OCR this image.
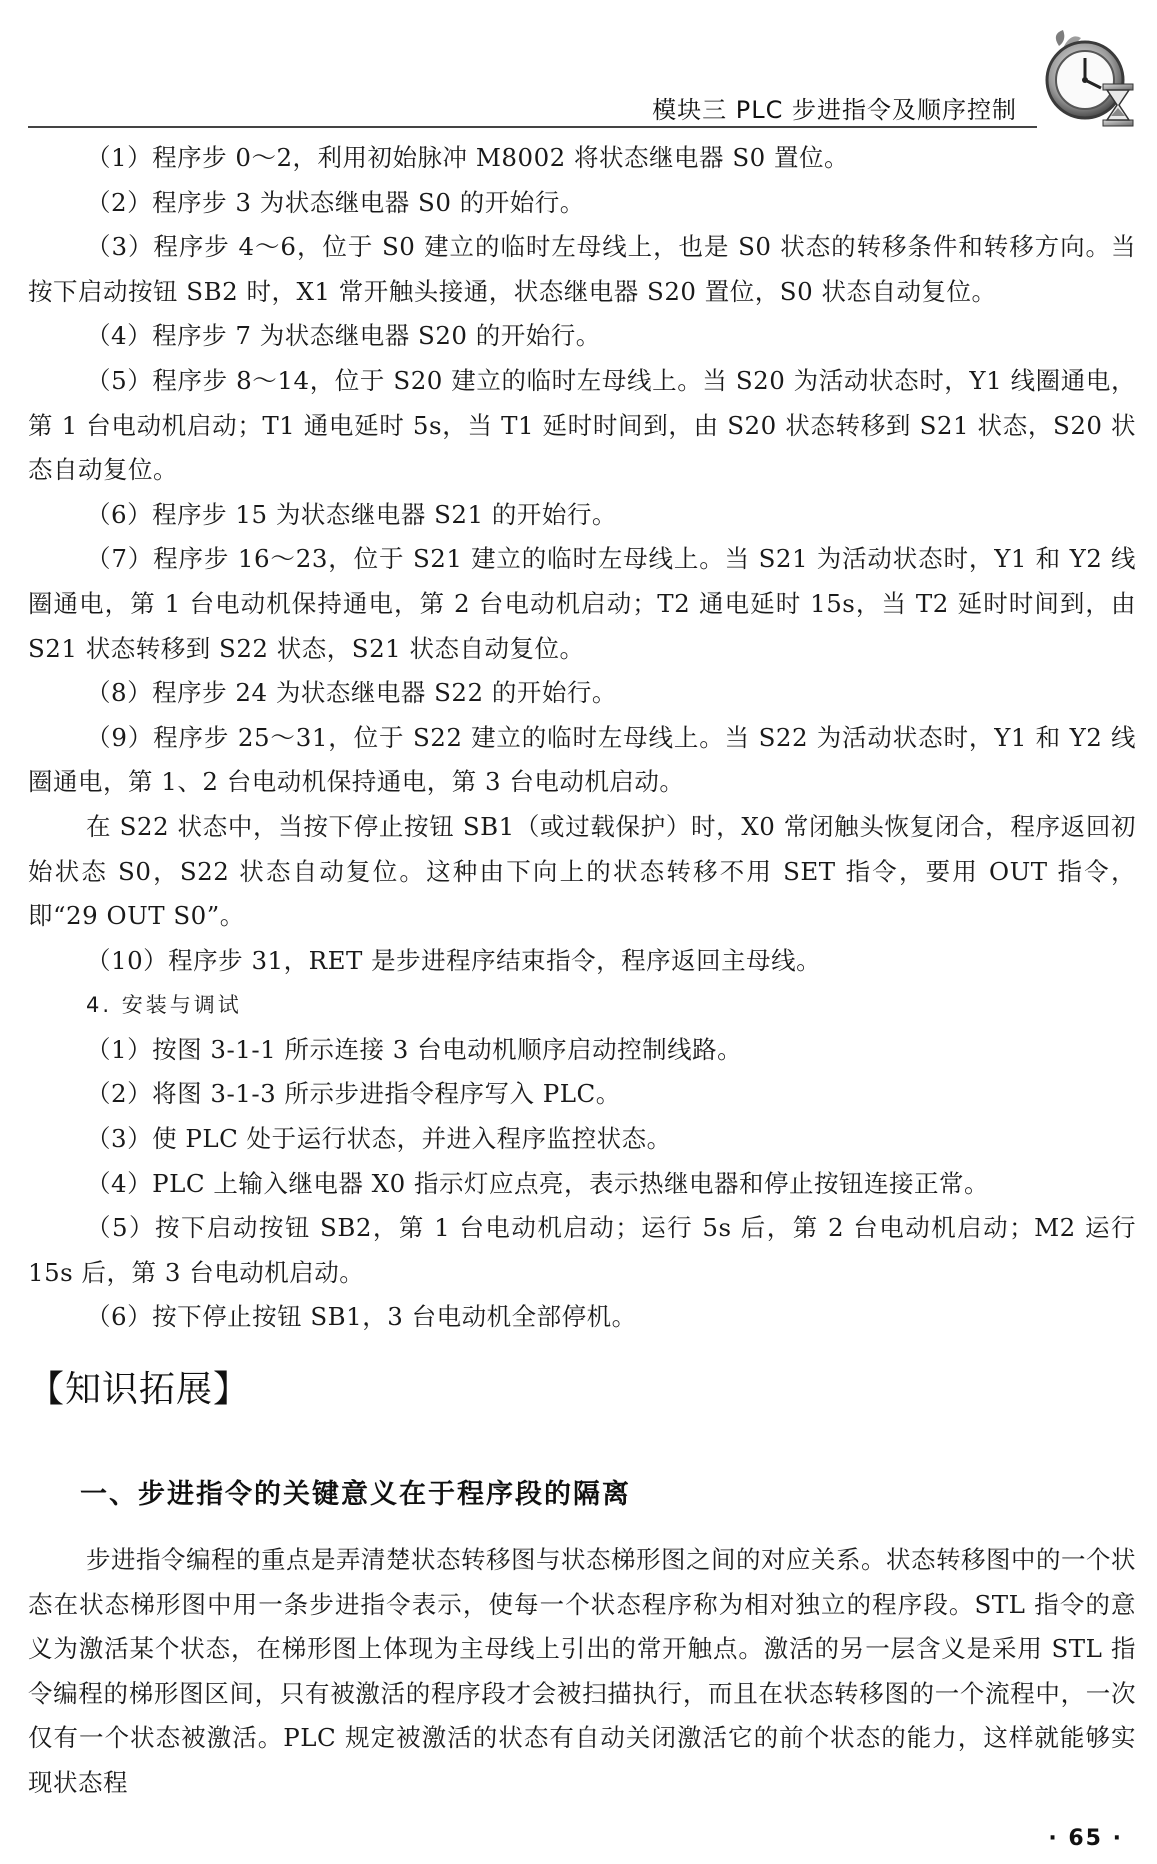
模块三 PLC 步进指令及顺序控制

（1）程序步 0～2，利用初始脉冲 M8002 将状态继电器 S0 置位。

（2）程序步 3 为状态继电器 S0 的开始行。

（3）程序步 4～6，位于 S0 建立的临时左母线上，也是 S0 状态的转移条件和转移方向。当按下启动按钮 SB2 时，X1 常开触头接通，状态继电器 S20 置位，S0 状态自动复位。

（4）程序步 7 为状态继电器 S20 的开始行。

（5）程序步 8～14，位于 S20 建立的临时左母线上。当 S20 为活动状态时，Y1 线圈通电，第 1 台电动机启动；T1 通电延时 5s，当 T1 延时时间到，由 S20 状态转移到 S21 状态，S20 状态自动复位。

（6）程序步 15 为状态继电器 S21 的开始行。

（7）程序步 16～23，位于 S21 建立的临时左母线上。当 S21 为活动状态时，Y1 和 Y2 线圈通电，第 1 台电动机保持通电，第 2 台电动机启动；T2 通电延时 15s，当 T2 延时时间到，由 S21 状态转移到 S22 状态，S21 状态自动复位。

（8）程序步 24 为状态继电器 S22 的开始行。

（9）程序步 25～31，位于 S22 建立的临时左母线上。当 S22 为活动状态时，Y1 和 Y2 线圈通电，第 1、2 台电动机保持通电，第 3 台电动机启动。

在 S22 状态中，当按下停止按钮 SB1（或过载保护）时，X0 常闭触头恢复闭合，程序返回初始状态 S0，S22 状态自动复位。这种由下向上的状态转移不用 SET 指令，要用 OUT 指令，即“29 OUT S0”。

（10）程序步 31，RET 是步进程序结束指令，程序返回主母线。

4. 安装与调试

（1）按图 3-1-1 所示连接 3 台电动机顺序启动控制线路。

（2）将图 3-1-3 所示步进指令程序写入 PLC。

（3）使 PLC 处于运行状态，并进入程序监控状态。

（4）PLC 上输入继电器 X0 指示灯应点亮，表示热继电器和停止按钮连接正常。

（5）按下启动按钮 SB2，第 1 台电动机启动；运行 5s 后，第 2 台电动机启动；M2 运行 15s 后，第 3 台电动机启动。

（6）按下停止按钮 SB1，3 台电动机全部停机。

【知识拓展】
一、步进指令的关键意义在于程序段的隔离

步进指令编程的重点是弄清楚状态转移图与状态梯形图之间的对应关系。状态转移图中的一个状态在状态梯形图中用一条步进指令表示，使每一个状态程序称为相对独立的程序段。STL 指令的意义为激活某个状态，在梯形图上体现为主母线上引出的常开触点。激活的另一层含义是采用 STL 指令编程的梯形图区间，只有被激活的程序段才会被扫描执行，而且在状态转移图的一个流程中，一次仅有一个状态被激活。PLC 规定被激活的状态有自动关闭激活它的前个状态的能力，这样就能够实现状态程

· 65 ·
